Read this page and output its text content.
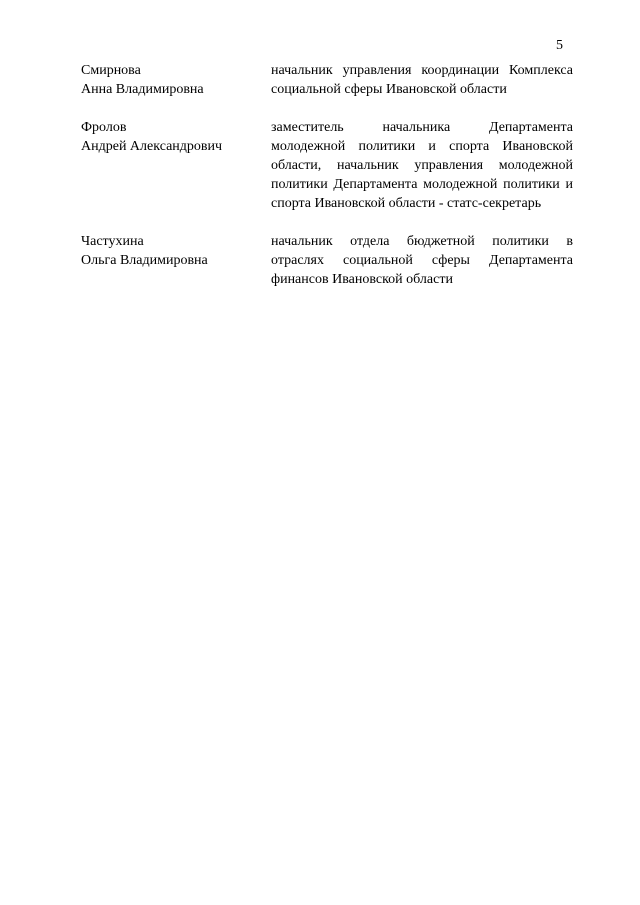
5
Смирнова
Анна Владимировна
начальник управления координации Комплекса социальной сферы Ивановской области
Фролов
Андрей Александрович
заместитель начальника Департамента молодежной политики и спорта Ивановской области, начальник управления молодежной политики Департамента молодежной политики и спорта Ивановской области - статс-секретарь
Частухина
Ольга Владимировна
начальник отдела бюджетной политики в отраслях социальной сферы Департамента финансов Ивановской области
